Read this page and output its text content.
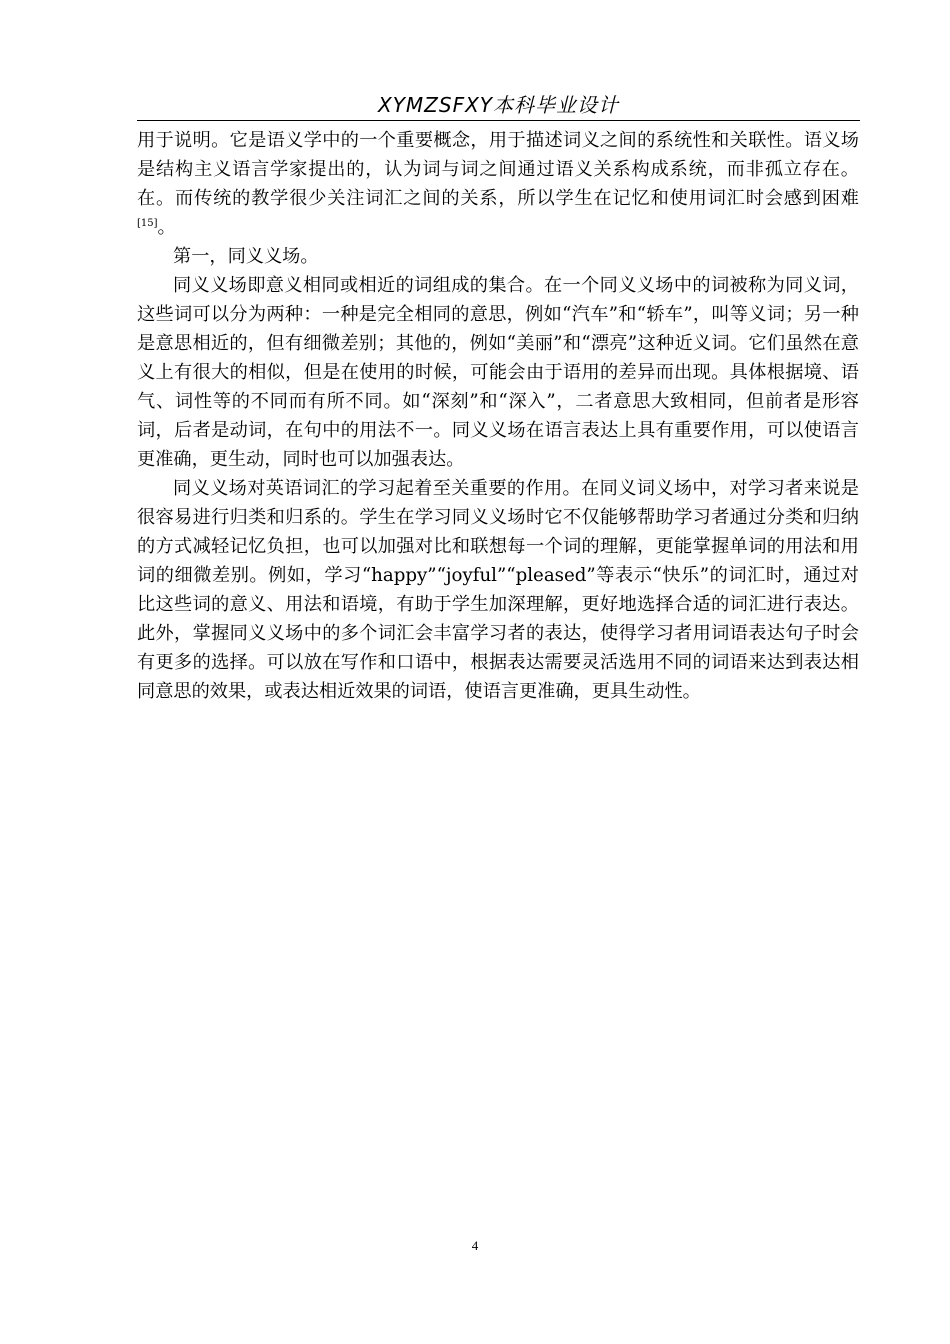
XYMZSFXY本科毕业设计

用于说明。它是语义学中的一个重要概念，用于描述词义之间的系统性和关联性。语义场是结构主义语言学家提出的，认为词与词之间通过语义关系构成系统，而非孤立存在。在。而传统的教学很少关注词汇之间的关系，所以学生在记忆和使用词汇时会感到困难[15]。

第一，同义义场。

同义义场即意义相同或相近的词组成的集合。在一个同义义场中的词被称为同义词，这些词可以分为两种：一种是完全相同的意思，例如“汽车”和“轿车”，叫等义词；另一种是意思相近的，但有细微差别；其他的，例如“美丽”和“漂亮”这种近义词。它们虽然在意义上有很大的相似，但是在使用的时候，可能会由于语用的差异而出现。具体根据境、语气、词性等的不同而有所不同。如“深刻”和“深入”，二者意思大致相同，但前者是形容词，后者是动词，在句中的用法不一。同义义场在语言表达上具有重要作用，可以使语言更准确，更生动，同时也可以加强表达。

同义义场对英语词汇的学习起着至关重要的作用。在同义词义场中，对学习者来说是很容易进行归类和归系的。学生在学习同义义场时它不仅能够帮助学习者通过分类和归纳的方式减轻记忆负担，也可以加强对比和联想每一个词的理解，更能掌握单词的用法和用词的细微差别。例如，学习“happy”“joyful”“pleased”等表示“快乐”的词汇时，通过对比这些词的意义、用法和语境，有助于学生加深理解，更好地选择合适的词汇进行表达。此外，掌握同义义场中的多个词汇会丰富学习者的表达，使得学习者用词语表达句子时会有更多的选择。可以放在写作和口语中，根据表达需要灵活选用不同的词语来达到表达相同意思的效果，或表达相近效果的词语，使语言更准确，更具生动性。

4
